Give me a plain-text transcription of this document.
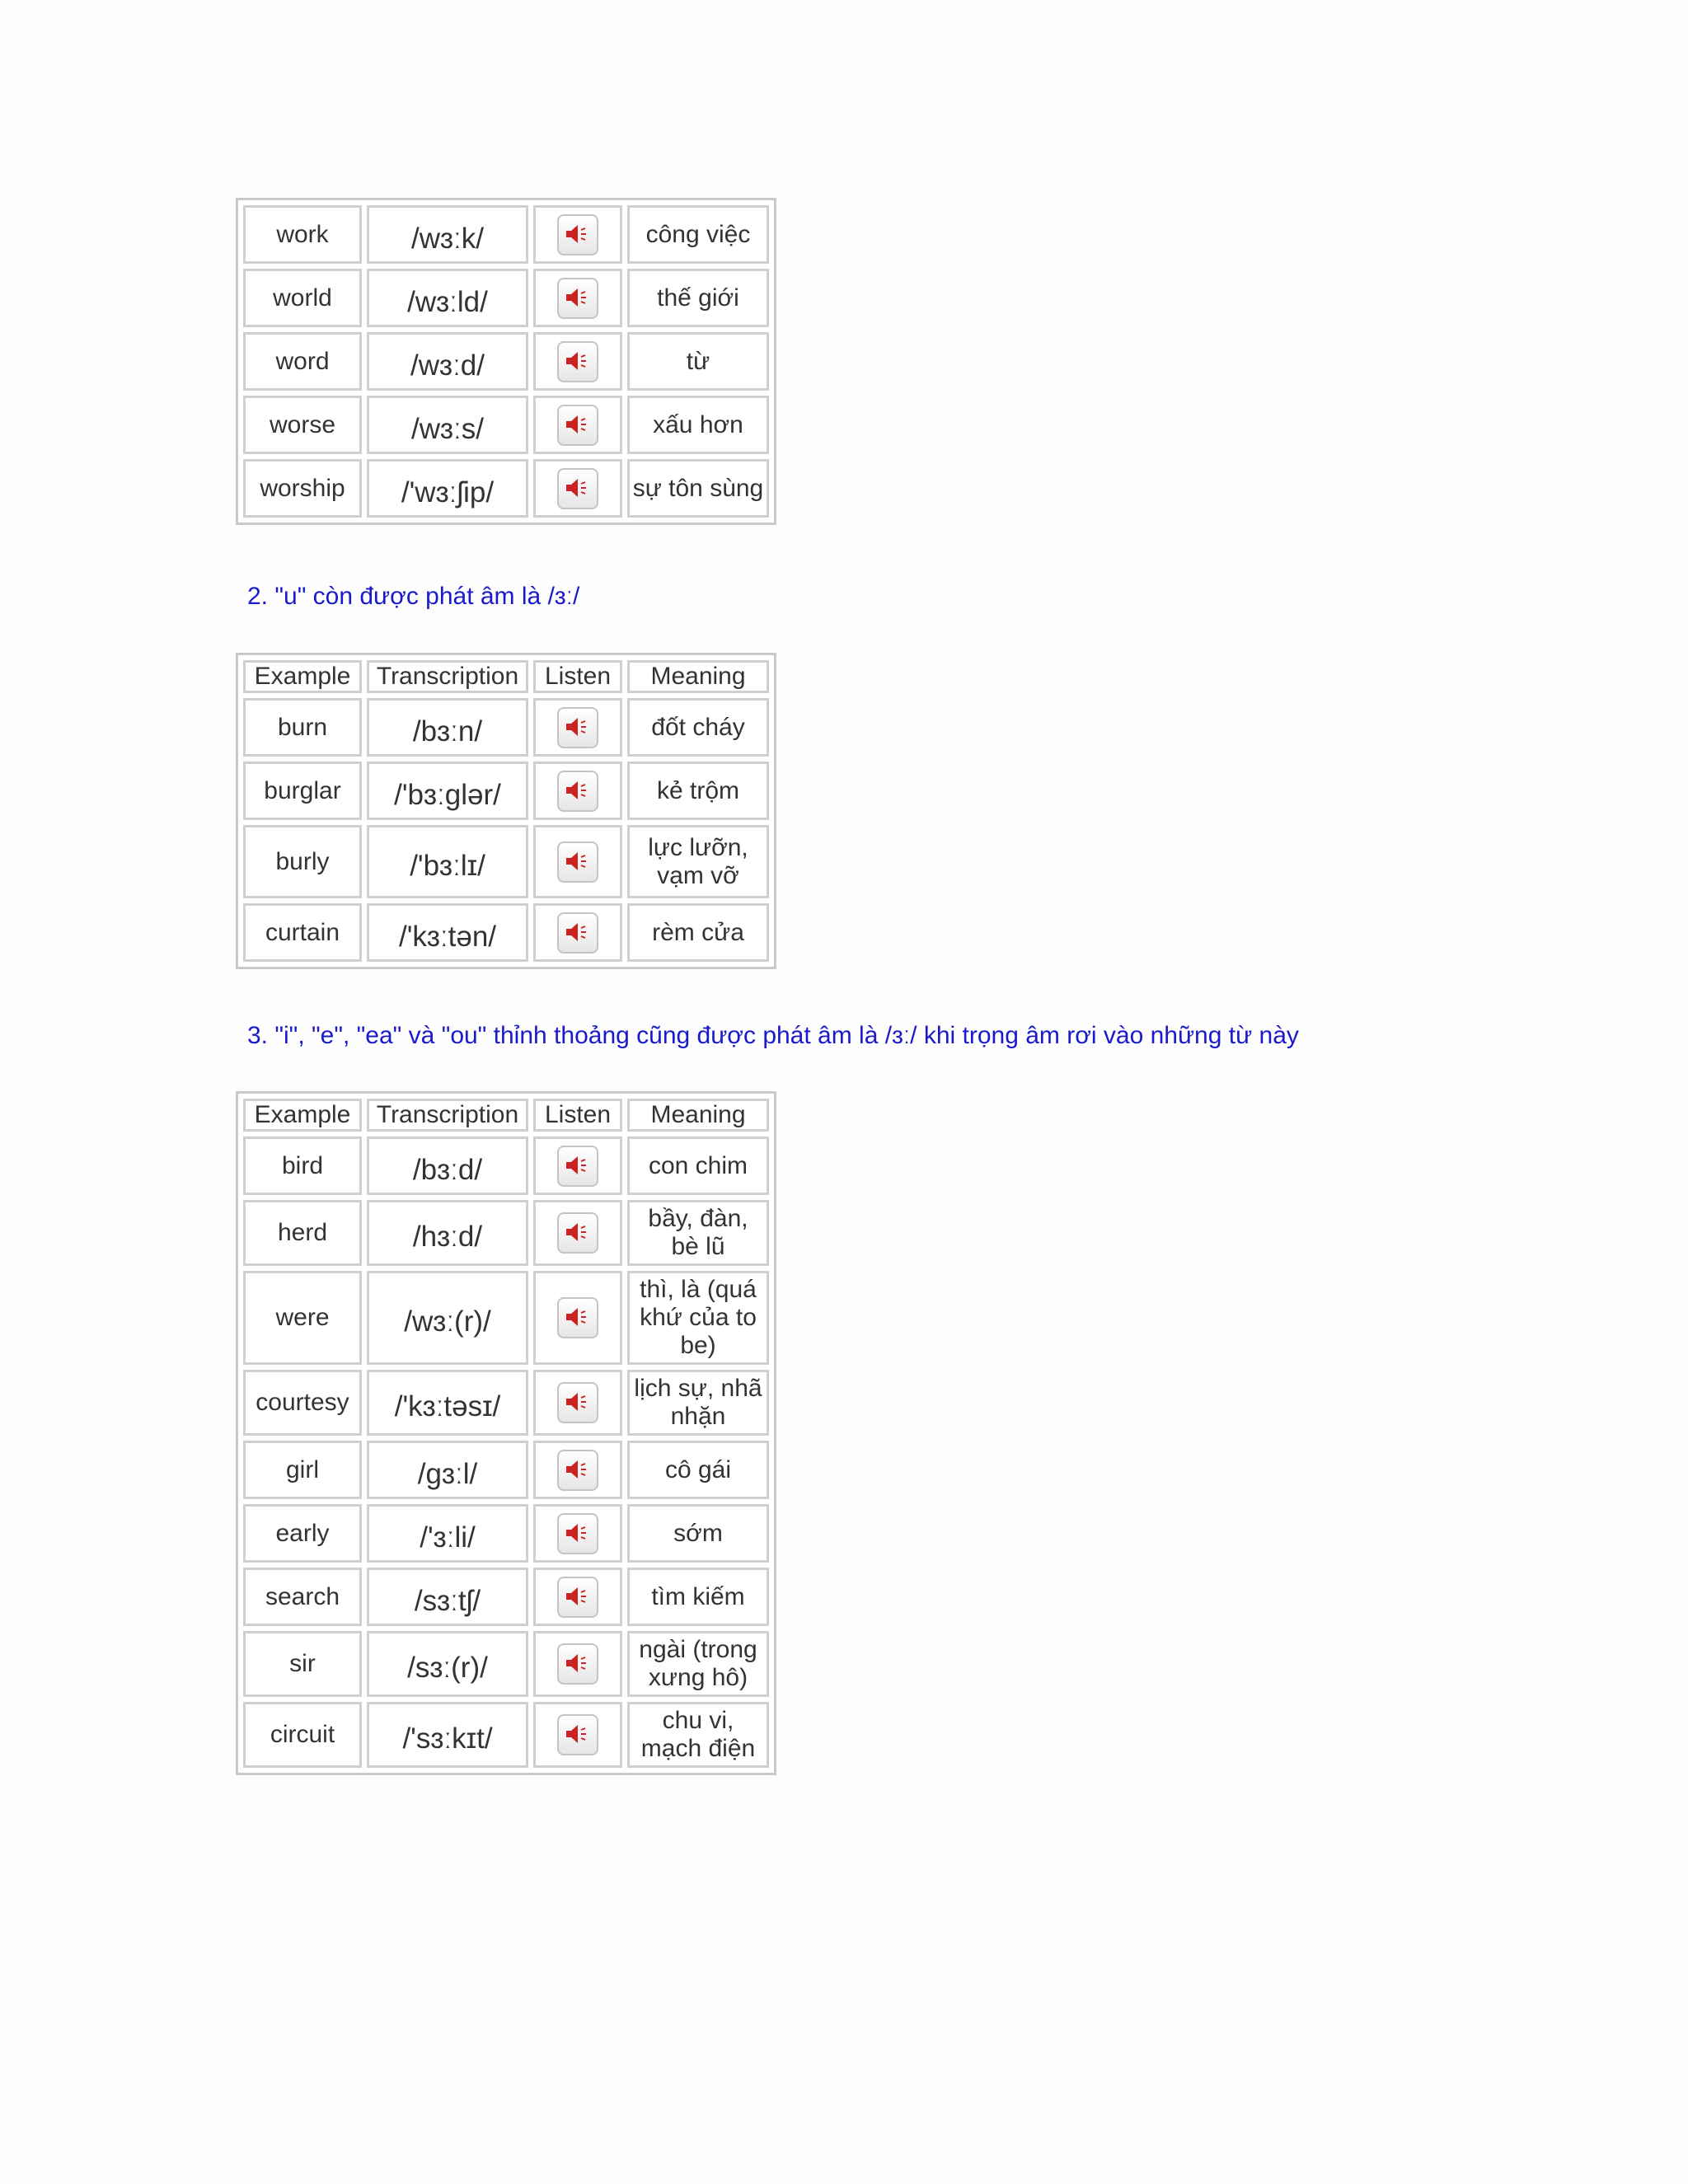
work	/wɜːk/		công việc
world	/wɜːld/		thế giới
word	/wɜːd/		từ
worse	/wɜːs/		xấu hơn
worship	/'wɜːʃip/		sự tôn sùng

2. "u" còn được phát âm là /ɜː/

Example	Transcription	Listen	Meaning
burn	/bɜːn/		đốt cháy
burglar	/'bɜːglər/		kẻ trộm
burly	/'bɜːlɪ/		lực lưỡn, vạm vỡ
curtain	/'kɜːtən/		rèm cửa

3. "i", "e", "ea" và "ou" thỉnh thoảng cũng được phát âm là /ɜː/ khi trọng âm rơi vào những từ này

Example	Transcription	Listen	Meaning
bird	/bɜːd/		con chim
herd	/hɜːd/		bầy, đàn, bè lũ
were	/wɜː(r)/		thì, là (quá khứ của to be)
courtesy	/'kɜːtəsɪ/		lịch sự, nhã nhặn
girl	/gɜːl/		cô gái
early	/'ɜːli/		sớm
search	/sɜːtʃ/		tìm kiếm
sir	/sɜː(r)/		ngài (trong xưng hô)
circuit	/'sɜːkɪt/		chu vi, mạch điện
